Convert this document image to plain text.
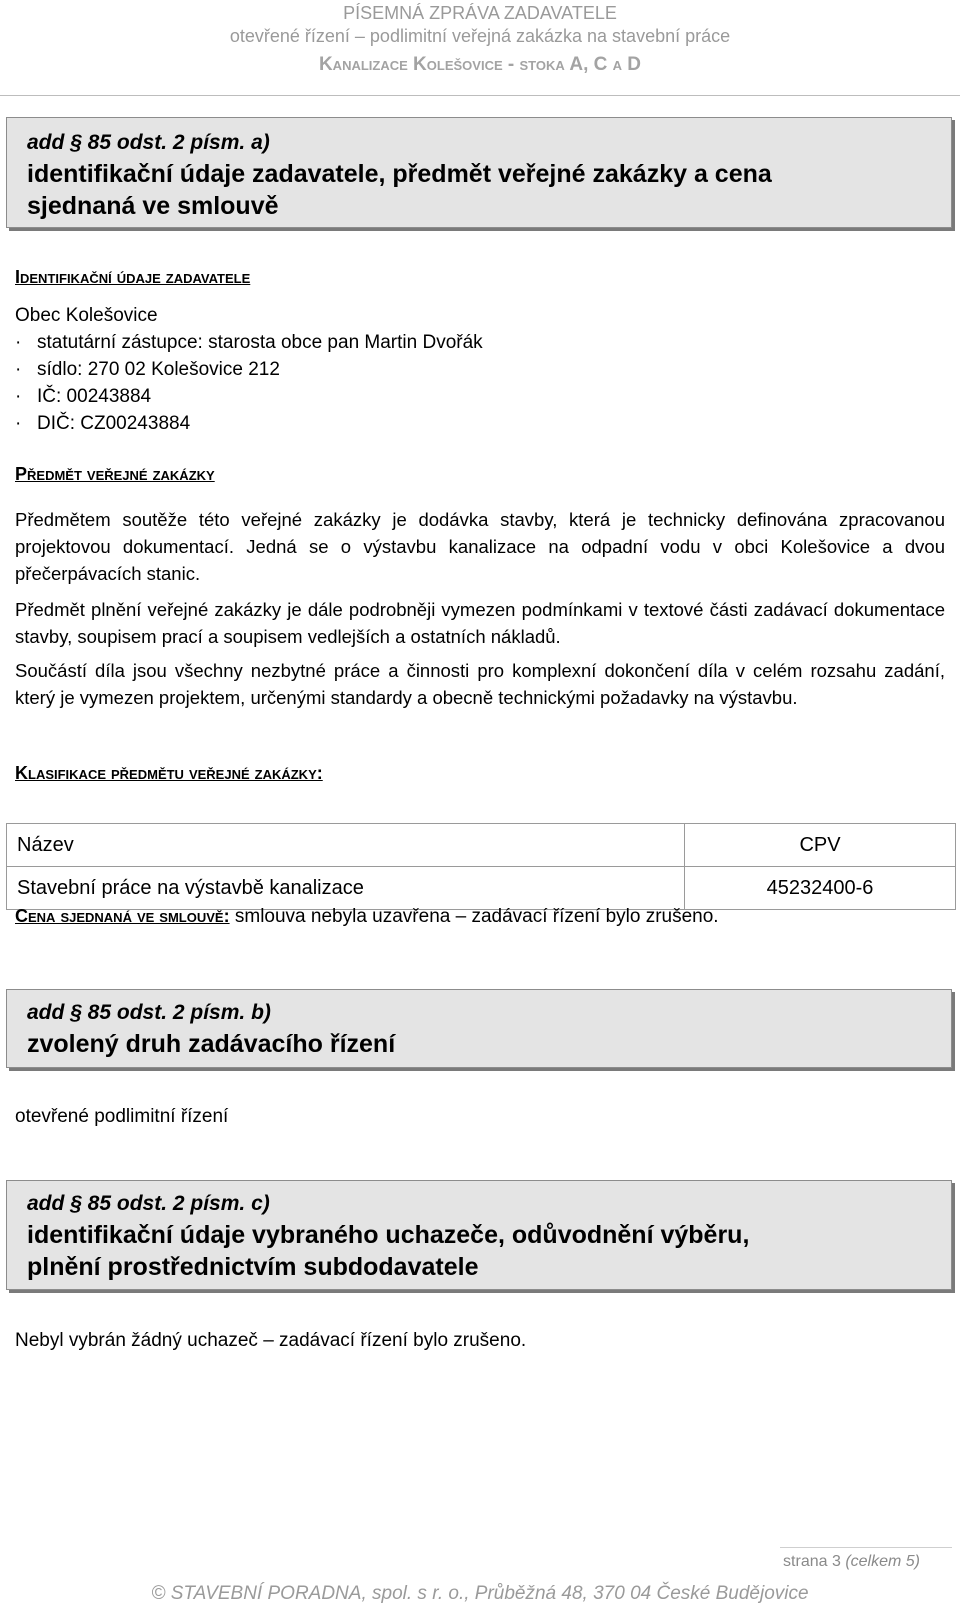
PÍSEMNÁ ZPRÁVA ZADAVATELE
otevřené řízení – podlimitní veřejná zakázka na stavební práce
Kanalizace Kolešovice - stoka A, C a D
add § 85 odst. 2 písm. a)
identifikační údaje zadavatele, předmět veřejné zakázky a cena
sjednaná ve smlouvě
Identifikační údaje zadavatele
Obec Kolešovice
· statutární zástupce: starosta obce pan Martin Dvořák
· sídlo: 270 02 Kolešovice 212
· IČ: 00243884
· DIČ: CZ00243884
Předmět veřejné zakázky
Předmětem soutěže této veřejné zakázky je dodávka stavby, která je technicky definována zpracovanou projektovou dokumentací. Jedná se o výstavbu kanalizace na odpadní vodu v obci Kolešovice a dvou přečerpávacích stanic.
Předmět plnění veřejné zakázky je dále podrobněji vymezen podmínkami v textové části zadávací dokumentace stavby, soupisem prací a soupisem vedlejších a ostatních nákladů.
Součástí díla jsou všechny nezbytné práce a činnosti pro komplexní dokončení díla v celém rozsahu zadání, který je vymezen projektem, určenými standardy a obecně technickými požadavky na výstavbu.
Klasifikace předmětu veřejné zakázky:
Název	CPV
Stavební práce na výstavbě kanalizace	45232400-6
Cena sjednaná ve smlouvě: smlouva nebyla uzavřena – zadávací řízení bylo zrušeno.
add § 85 odst. 2 písm. b)
zvolený druh zadávacího řízení
otevřené podlimitní řízení
add § 85 odst. 2 písm. c)
identifikační údaje vybraného uchazeče, odůvodnění výběru,
plnění prostřednictvím subdodavatele
Nebyl vybrán žádný uchazeč – zadávací řízení bylo zrušeno.
strana 3 (celkem 5)
© STAVEBNÍ PORADNA, spol. s r. o., Průběžná 48, 370 04 České Budějovice
